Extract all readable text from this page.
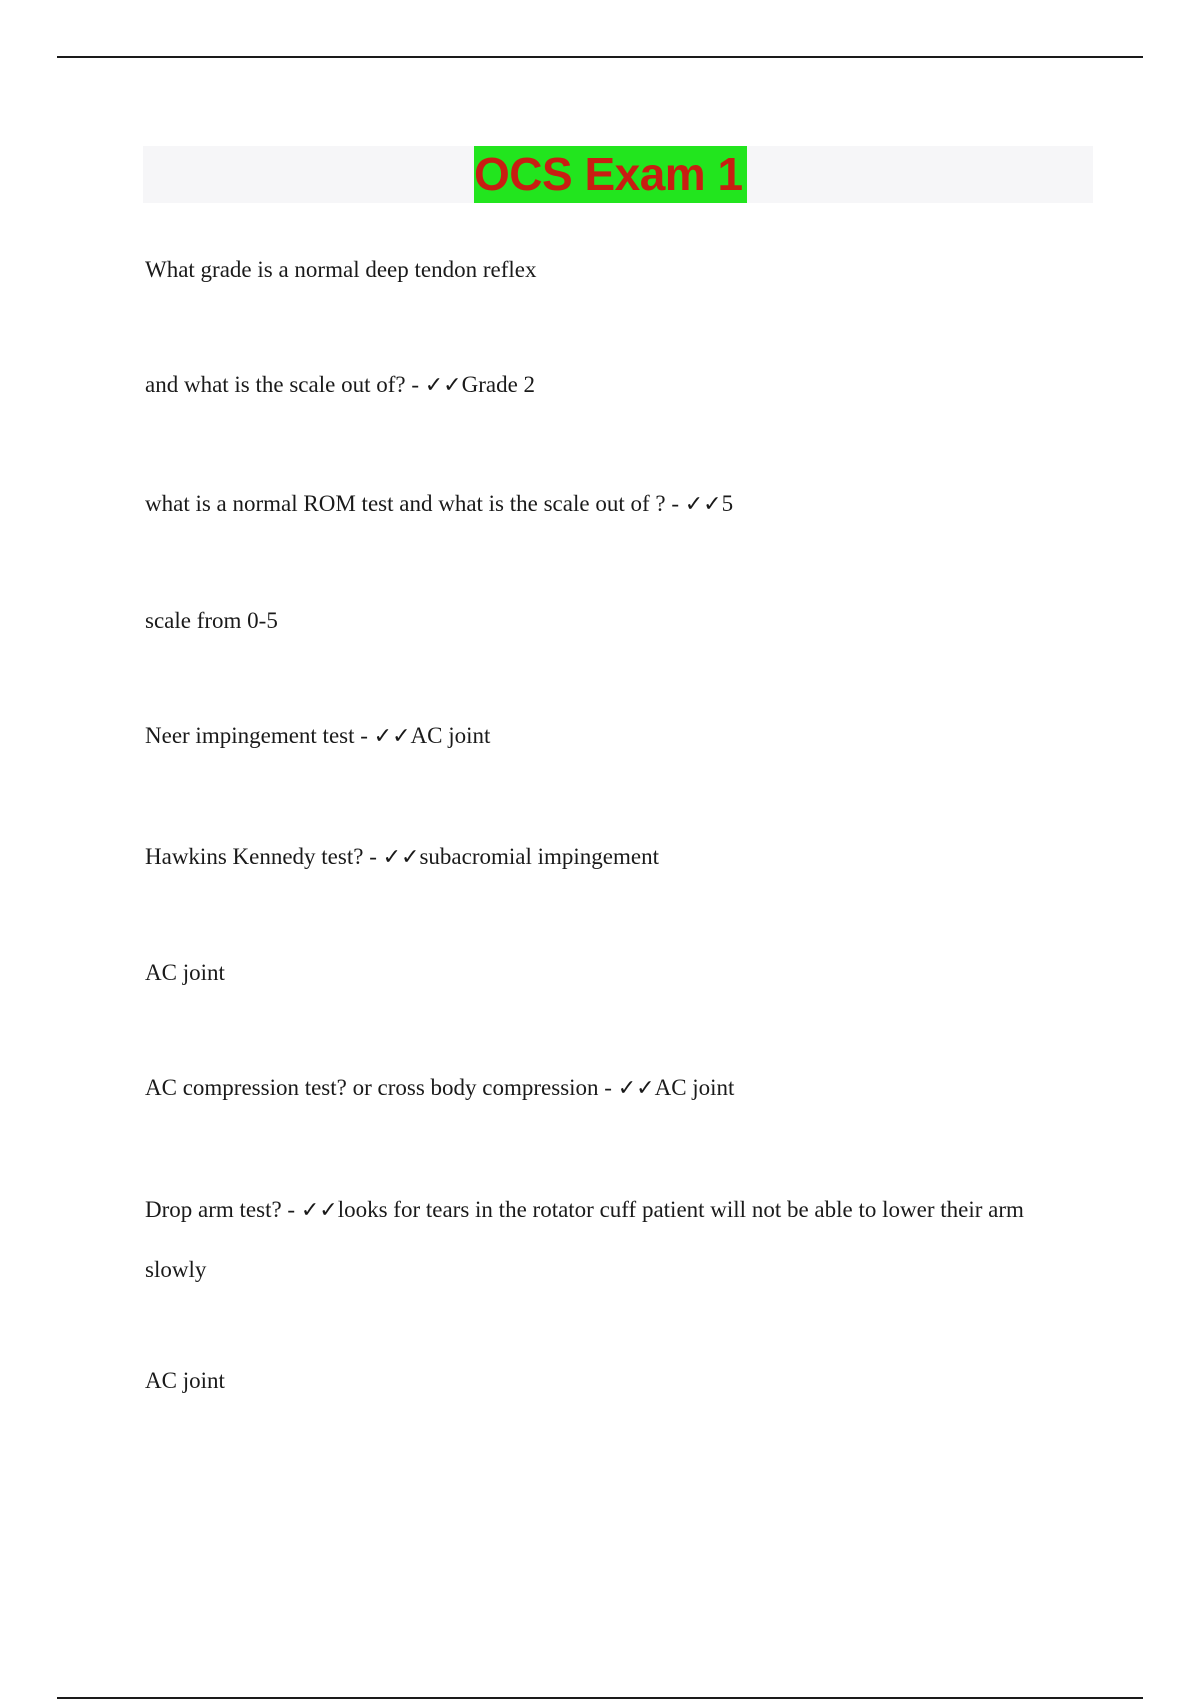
OCS Exam 1
What grade is a normal deep tendon reflex
and what is the scale out of? - ✓✓Grade 2
what is a normal ROM test and what is the scale out of ? - ✓✓5
scale from 0-5
Neer impingement test - ✓✓AC joint
Hawkins Kennedy test? - ✓✓subacromial impingement
AC joint
AC compression test? or cross body compression - ✓✓AC joint
Drop arm test? - ✓✓looks for tears in the rotator cuff patient will not be able to lower their arm
slowly
AC joint
